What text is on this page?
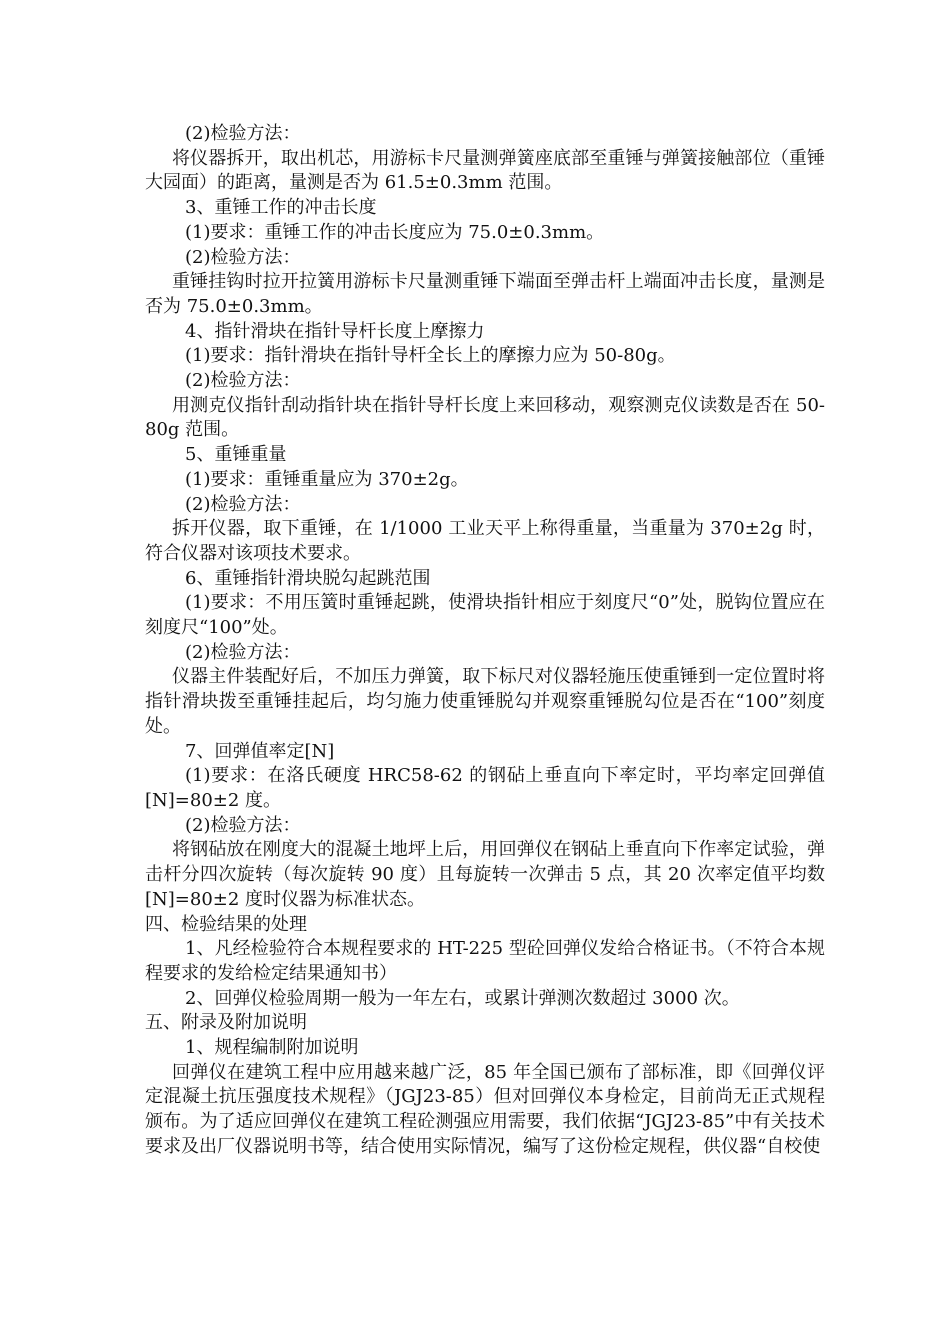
(2)检验方法：

将仪器拆开，取出机芯，用游标卡尺量测弹簧座底部至重锤与弹簧接触部位（重锤大园面）的距离，量测是否为 61.5±0.3mm 范围。

3、重锤工作的冲击长度

(1)要求：重锤工作的冲击长度应为 75.0±0.3mm。

(2)检验方法：

重锤挂钩时拉开拉簧用游标卡尺量测重锤下端面至弹击杆上端面冲击长度，量测是否为 75.0±0.3mm。

4、指针滑块在指针导杆长度上摩擦力

(1)要求：指针滑块在指针导杆全长上的摩擦力应为 50-80g。

(2)检验方法：

用测克仪指针刮动指针块在指针导杆长度上来回移动，观察测克仪读数是否在 50-80g 范围。

5、重锤重量

(1)要求：重锤重量应为 370±2g。

(2)检验方法：

拆开仪器，取下重锤，在 1/1000 工业天平上称得重量，当重量为 370±2g 时，符合仪器对该项技术要求。

6、重锤指针滑块脱勾起跳范围

(1)要求：不用压簧时重锤起跳，使滑块指针相应于刻度尺“0”处，脱钩位置应在刻度尺“100”处。

(2)检验方法：

仪器主件装配好后，不加压力弹簧，取下标尺对仪器轻施压使重锤到一定位置时将指针滑块拨至重锤挂起后，均匀施力使重锤脱勾并观察重锤脱勾位是否在“100”刻度处。

7、回弹值率定[N]

(1)要求：在洛氏硬度 HRC58-62 的钢砧上垂直向下率定时，平均率定回弹值[N]=80±2 度。

(2)检验方法：

将钢砧放在刚度大的混凝土地坪上后，用回弹仪在钢砧上垂直向下作率定试验，弹击杆分四次旋转（每次旋转 90 度）且每旋转一次弹击 5 点，其 20 次率定值平均数[N]=80±2 度时仪器为标准状态。

四、检验结果的处理

1、凡经检验符合本规程要求的 HT-225 型砼回弹仪发给合格证书。（不符合本规程要求的发给检定结果通知书）

2、回弹仪检验周期一般为一年左右，或累计弹测次数超过 3000 次。

五、附录及附加说明

1、规程编制附加说明

回弹仪在建筑工程中应用越来越广泛，85 年全国已颁布了部标准，即《回弹仪评定混凝土抗压强度技术规程》（JGJ23-85）但对回弹仪本身检定，目前尚无正式规程颁布。为了适应回弹仪在建筑工程砼测强应用需要，我们依据“JGJ23-85”中有关技术要求及出厂仪器说明书等，结合使用实际情况，编写了这份检定规程，供仪器“自校使
